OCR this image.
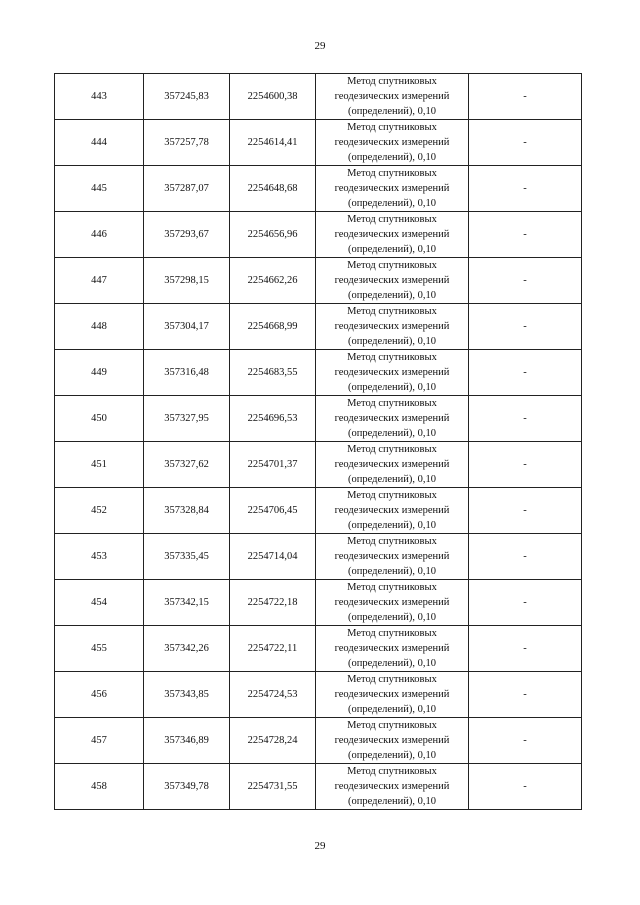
29
443	357245,83	2254600,38	Метод спутниковых
геодезических измерений
(определений), 0,10	-
444	357257,78	2254614,41	Метод спутниковых
геодезических измерений
(определений), 0,10	-
445	357287,07	2254648,68	Метод спутниковых
геодезических измерений
(определений), 0,10	-
446	357293,67	2254656,96	Метод спутниковых
геодезических измерений
(определений), 0,10	-
447	357298,15	2254662,26	Метод спутниковых
геодезических измерений
(определений), 0,10	-
448	357304,17	2254668,99	Метод спутниковых
геодезических измерений
(определений), 0,10	-
449	357316,48	2254683,55	Метод спутниковых
геодезических измерений
(определений), 0,10	-
450	357327,95	2254696,53	Метод спутниковых
геодезических измерений
(определений), 0,10	-
451	357327,62	2254701,37	Метод спутниковых
геодезических измерений
(определений), 0,10	-
452	357328,84	2254706,45	Метод спутниковых
геодезических измерений
(определений), 0,10	-
453	357335,45	2254714,04	Метод спутниковых
геодезических измерений
(определений), 0,10	-
454	357342,15	2254722,18	Метод спутниковых
геодезических измерений
(определений), 0,10	-
455	357342,26	2254722,11	Метод спутниковых
геодезических измерений
(определений), 0,10	-
456	357343,85	2254724,53	Метод спутниковых
геодезических измерений
(определений), 0,10	-
457	357346,89	2254728,24	Метод спутниковых
геодезических измерений
(определений), 0,10	-
458	357349,78	2254731,55	Метод спутниковых
геодезических измерений
(определений), 0,10	-
29
